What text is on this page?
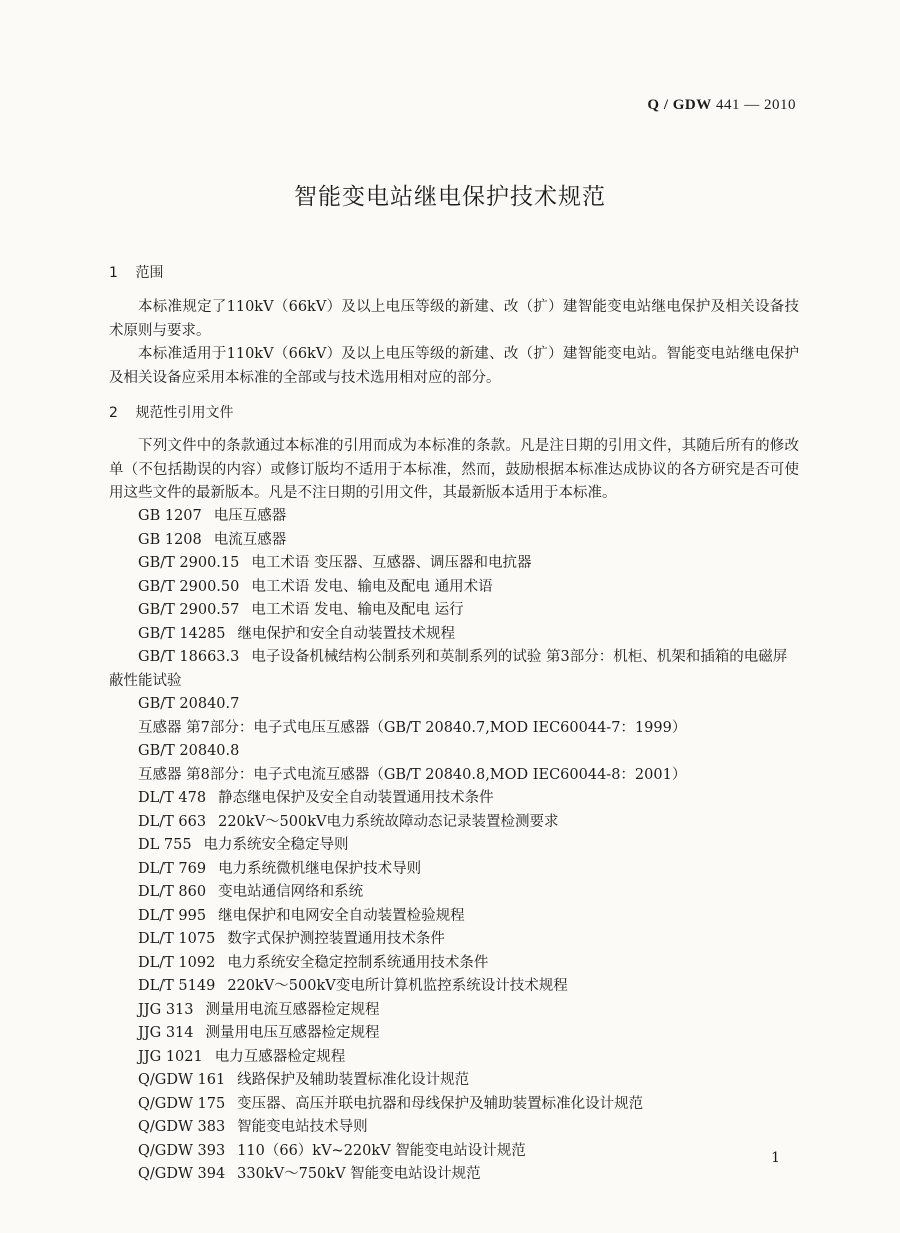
Q / GDW 441 — 2010
智能变电站继电保护技术规范
1 范围
本标准规定了110kV（66kV）及以上电压等级的新建、改（扩）建智能变电站继电保护及相关设备技术原则与要求。
本标准适用于110kV（66kV）及以上电压等级的新建、改（扩）建智能变电站。智能变电站继电保护及相关设备应采用本标准的全部或与技术选用相对应的部分。
2 规范性引用文件
下列文件中的条款通过本标准的引用而成为本标准的条款。凡是注日期的引用文件，其随后所有的修改单（不包括勘误的内容）或修订版均不适用于本标准，然而，鼓励根据本标准达成协议的各方研究是否可使用这些文件的最新版本。凡是不注日期的引用文件，其最新版本适用于本标准。
GB 1207 电压互感器
GB 1208 电流互感器
GB/T 2900.15 电工术语 变压器、互感器、调压器和电抗器
GB/T 2900.50 电工术语 发电、输电及配电 通用术语
GB/T 2900.57 电工术语 发电、输电及配电 运行
GB/T 14285 继电保护和安全自动装置技术规程
GB/T 18663.3 电子设备机械结构公制系列和英制系列的试验 第3部分：机柜、机架和插箱的电磁屏蔽性能试验
GB/T 20840.7互感器 第7部分：电子式电压互感器（GB/T 20840.7,MOD IEC60044-7：1999）
GB/T 20840.8互感器 第8部分：电子式电流互感器（GB/T 20840.8,MOD IEC60044-8：2001）
DL/T 478 静态继电保护及安全自动装置通用技术条件
DL/T 663 220kV～500kV电力系统故障动态记录装置检测要求
DL 755 电力系统安全稳定导则
DL/T 769 电力系统微机继电保护技术导则
DL/T 860 变电站通信网络和系统
DL/T 995 继电保护和电网安全自动装置检验规程
DL/T 1075 数字式保护测控装置通用技术条件
DL/T 1092 电力系统安全稳定控制系统通用技术条件
DL/T 5149 220kV～500kV变电所计算机监控系统设计技术规程
JJG 313 测量用电流互感器检定规程
JJG 314 测量用电压互感器检定规程
JJG 1021 电力互感器检定规程
Q/GDW 161 线路保护及辅助装置标准化设计规范
Q/GDW 175 变压器、高压并联电抗器和母线保护及辅助装置标准化设计规范
Q/GDW 383 智能变电站技术导则
Q/GDW 393 110（66）kV~220kV 智能变电站设计规范
Q/GDW 394 330kV～750kV 智能变电站设计规范
1
